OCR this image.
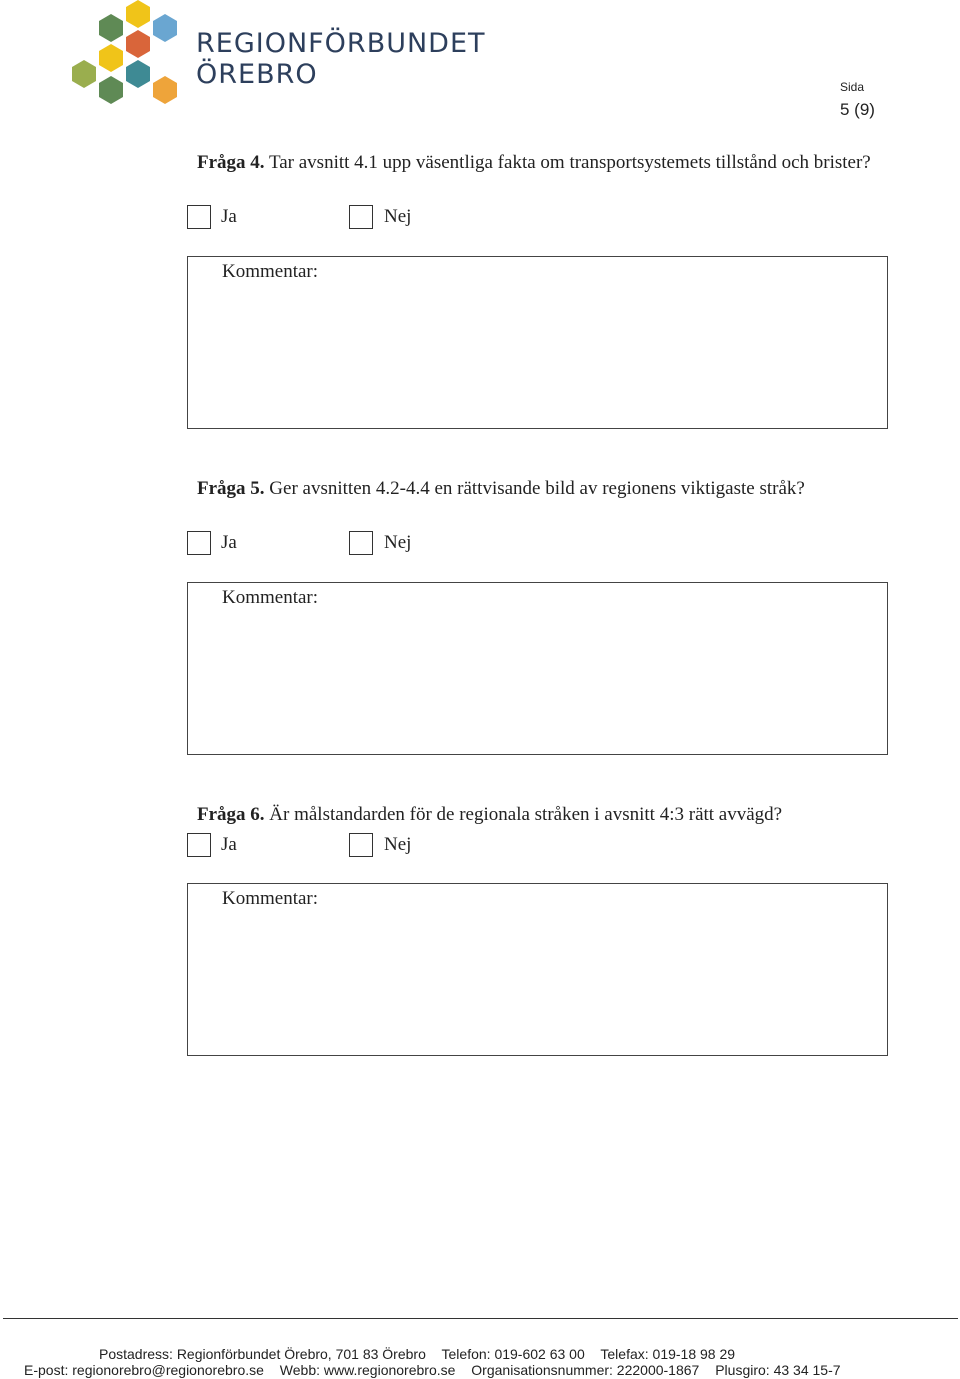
REGIONFÖRBUNDET
ÖREBRO	Sida
5 (9)
Fråga 4. Tar avsnitt 4.1 upp väsentliga fakta om transportsystemets tillstånd och brister?
Ja	Nej
Kommentar:
Fråga 5. Ger avsnitten 4.2-4.4 en rättvisande bild av regionens viktigaste stråk?
Ja	Nej
Kommentar:
Fråga 6. Är målstandarden för de regionala stråken i avsnitt 4:3 rätt avvägd?
Ja	Nej
Kommentar:
Postadress: Regionförbundet Örebro, 701 83 Örebro Telefon: 019-602 63 00 Telefax: 019-18 98 29
E-post: regionorebro@regionorebro.se Webb: www.regionorebro.se Organisationsnummer: 222000-1867 Plusgiro: 43 34 15-7
